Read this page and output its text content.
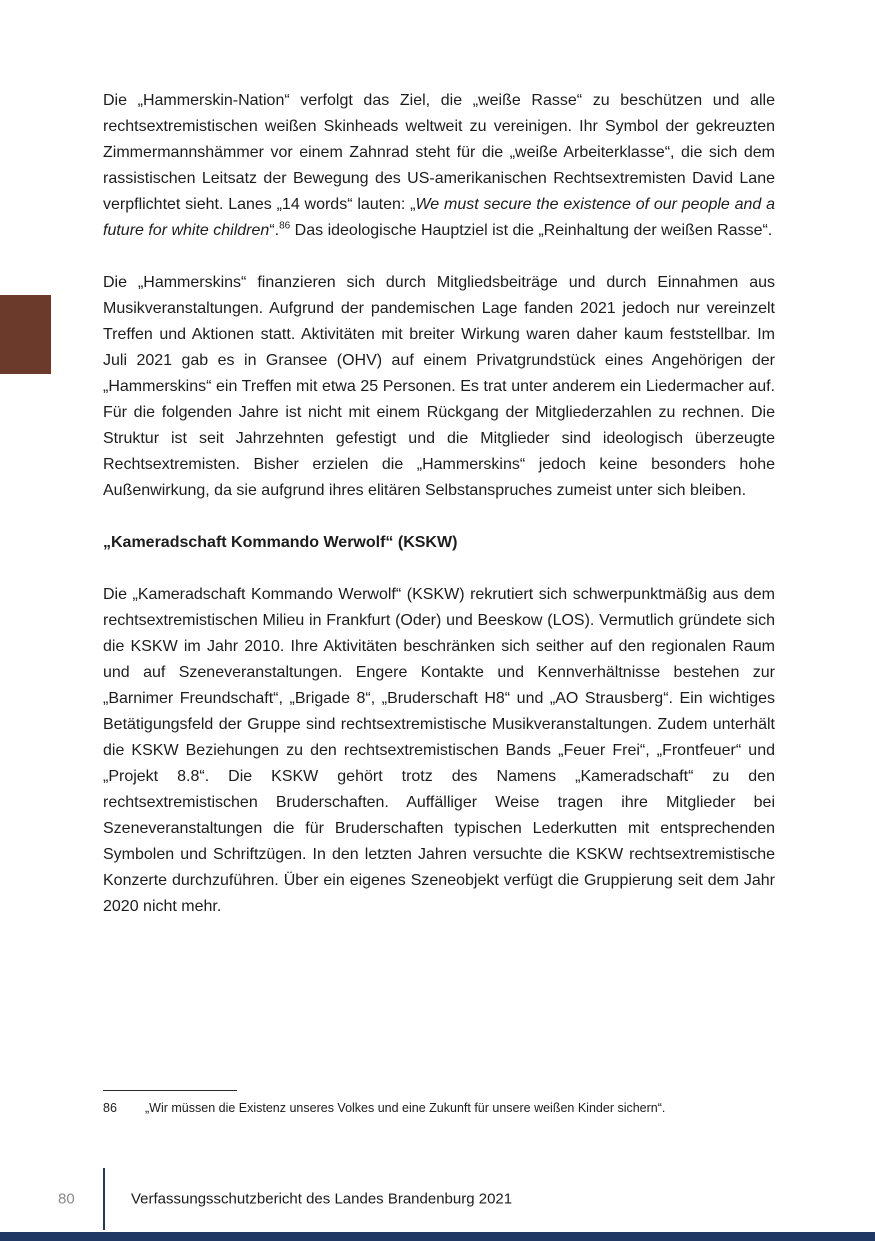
Die „Hammerskin-Nation“ verfolgt das Ziel, die „weiße Rasse“ zu beschützen und alle rechtsextremistischen weißen Skinheads weltweit zu vereinigen. Ihr Symbol der gekreuzten Zimmermannshämmer vor einem Zahnrad steht für die „weiße Arbeiterklasse“, die sich dem rassistischen Leitsatz der Bewegung des US-amerikanischen Rechtsextremisten David Lane verpflichtet sieht. Lanes „14 words“ lauten: „We must secure the existence of our people and a future for white children“.$^{86}$ Das ideologische Hauptziel ist die „Reinhaltung der weißen Rasse“.

Die „Hammerskins“ finanzieren sich durch Mitgliedsbeiträge und durch Einnahmen aus Musikveranstaltungen. Aufgrund der pandemischen Lage fanden 2021 jedoch nur vereinzelt Treffen und Aktionen statt. Aktivitäten mit breiter Wirkung waren daher kaum feststellbar. Im Juli 2021 gab es in Gransee (OHV) auf einem Privatgrundstück eines Angehörigen der „Hammerskins“ ein Treffen mit etwa 25 Personen. Es trat unter anderem ein Liedermacher auf. Für die folgenden Jahre ist nicht mit einem Rückgang der Mitgliederzahlen zu rechnen. Die Struktur ist seit Jahrzehnten gefestigt und die Mitglieder sind ideologisch überzeugte Rechtsextremisten. Bisher erzielen die „Hammerskins“ jedoch keine besonders hohe Außenwirkung, da sie aufgrund ihres elitären Selbstanspruches zumeist unter sich bleiben.

„Kameradschaft Kommando Werwolf“ (KSKW)

Die „Kameradschaft Kommando Werwolf“ (KSKW) rekrutiert sich schwerpunktmäßig aus dem rechtsextremistischen Milieu in Frankfurt (Oder) und Beeskow (LOS). Vermutlich gründete sich die KSKW im Jahr 2010. Ihre Aktivitäten beschränken sich seither auf den regionalen Raum und auf Szeneveranstaltungen. Engere Kontakte und Kennverhältnisse bestehen zur „Barnimer Freundschaft“, „Brigade 8“, „Bruderschaft H8“ und „AO Strausberg“. Ein wichtiges Betätigungsfeld der Gruppe sind rechtsextremistische Musikveranstaltungen. Zudem unterhält die KSKW Beziehungen zu den rechtsextremistischen Bands „Feuer Frei“, „Frontfeuer“ und „Projekt 8.8“. Die KSKW gehört trotz des Namens „Kameradschaft“ zu den rechtsextremistischen Bruderschaften. Auffälliger Weise tragen ihre Mitglieder bei Szeneveranstaltungen die für Bruderschaften typischen Lederkutten mit entsprechenden Symbolen und Schriftzügen. In den letzten Jahren versuchte die KSKW rechtsextremistische Konzerte durchzuführen. Über ein eigenes Szeneobjekt verfügt die Gruppierung seit dem Jahr 2020 nicht mehr.

86	„Wir müssen die Existenz unseres Volkes und eine Zukunft für unsere weißen Kinder sichern“.
80	Verfassungsschutzbericht des Landes Brandenburg 2021
